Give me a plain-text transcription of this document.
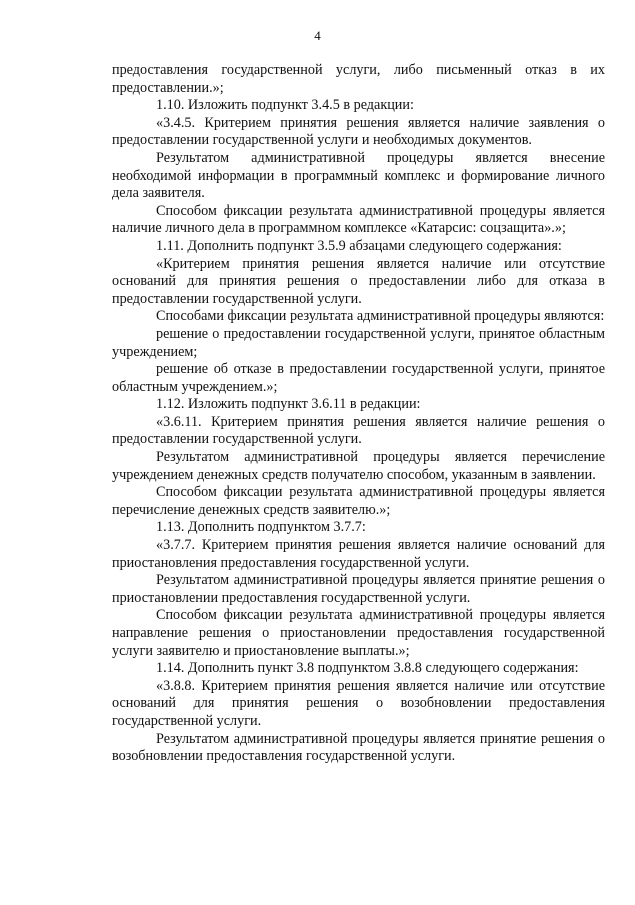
4

предоставления государственной услуги, либо письменный отказ в их предоставлении.»;

1.10. Изложить подпункт 3.4.5 в редакции:

«3.4.5. Критерием принятия решения является наличие заявления о предоставлении государственной услуги и необходимых документов.

Результатом административной процедуры является внесение необходимой информации в программный комплекс и формирование личного дела заявителя.

Способом фиксации результата административной процедуры является наличие личного дела в программном комплексе «Катарсис: соцзащита».»;

1.11. Дополнить подпункт 3.5.9 абзацами следующего содержания:

«Критерием принятия решения является наличие или отсутствие оснований для принятия решения о предоставлении либо для отказа в предоставлении государственной услуги.

Способами фиксации результата административной процедуры являются:

решение о предоставлении государственной услуги, принятое областным учреждением;

решение об отказе в предоставлении государственной услуги, принятое областным учреждением.»;

1.12. Изложить подпункт 3.6.11 в редакции:

«3.6.11. Критерием принятия решения является наличие решения о предоставлении государственной услуги.

Результатом административной процедуры является перечисление учреждением денежных средств получателю способом, указанным в заявлении.

Способом фиксации результата административной процедуры является перечисление денежных средств заявителю.»;

1.13. Дополнить подпунктом 3.7.7:

«3.7.7. Критерием принятия решения является наличие оснований для приостановления предоставления государственной услуги.

Результатом административной процедуры является принятие решения о приостановлении предоставления государственной услуги.

Способом фиксации результата административной процедуры является направление решения о приостановлении предоставления государственной услуги заявителю и приостановление выплаты.»;

1.14. Дополнить пункт 3.8 подпунктом 3.8.8 следующего содержания:

«3.8.8. Критерием принятия решения является наличие или отсутствие оснований для принятия решения о возобновлении предоставления государственной услуги.

Результатом административной процедуры является принятие решения о возобновлении предоставления государственной услуги.
